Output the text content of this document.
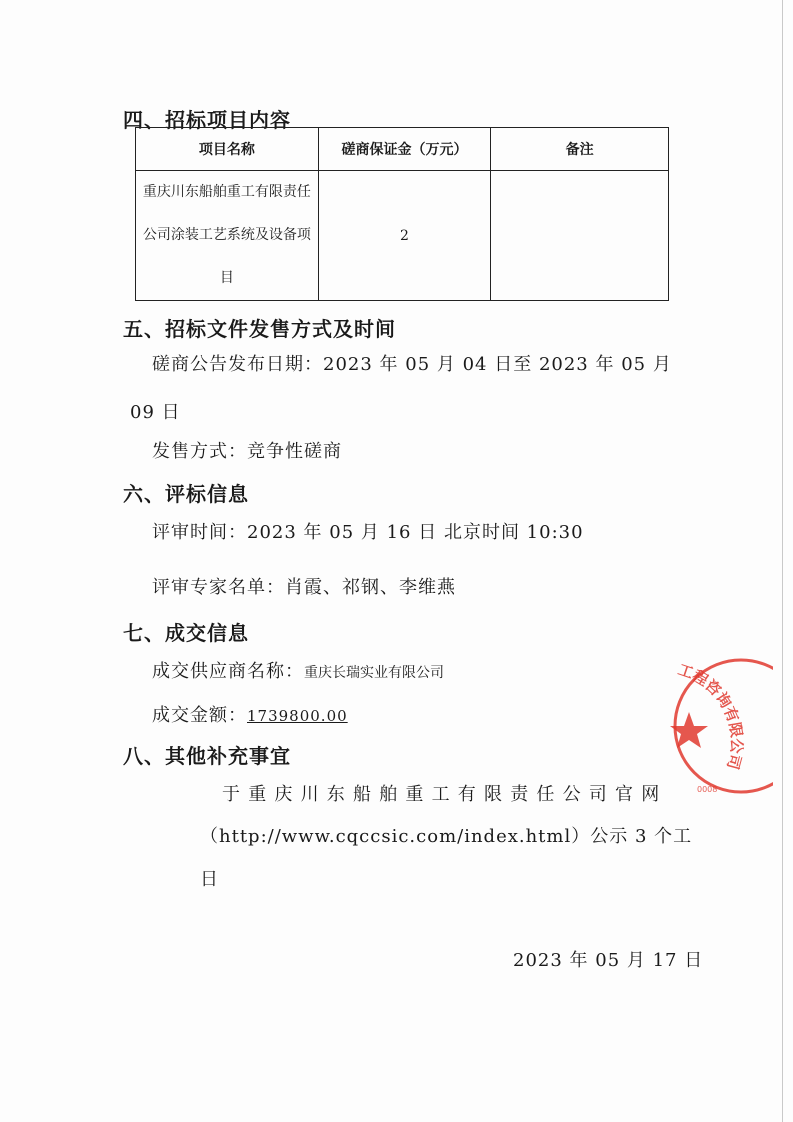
四、招标项目内容
项目名称	磋商保证金（万元）	备注

重庆川东船舶重工有限责任
公司涂装工艺系统及设备项
目	2	
五、招标文件发售方式及时间
磋商公告发布日期：2023 年 05 月 04 日至 2023 年 05 月
09 日
发售方式：竞争性磋商
六、评标信息
评审时间：2023 年 05 月 16 日 北京时间 10:30
评审专家名单：肖霞、祁钢、李维燕
七、成交信息
成交供应商名称：重庆长瑞实业有限公司
成交金额：1739800.00
八、其他补充事宜
于重庆川东船舶重工有限责任公司官网
（http://www.cqccsic.com/index.html）公示 3 个工
日
2023 年 05 月 17 日
工程咨询有限公司
0008
